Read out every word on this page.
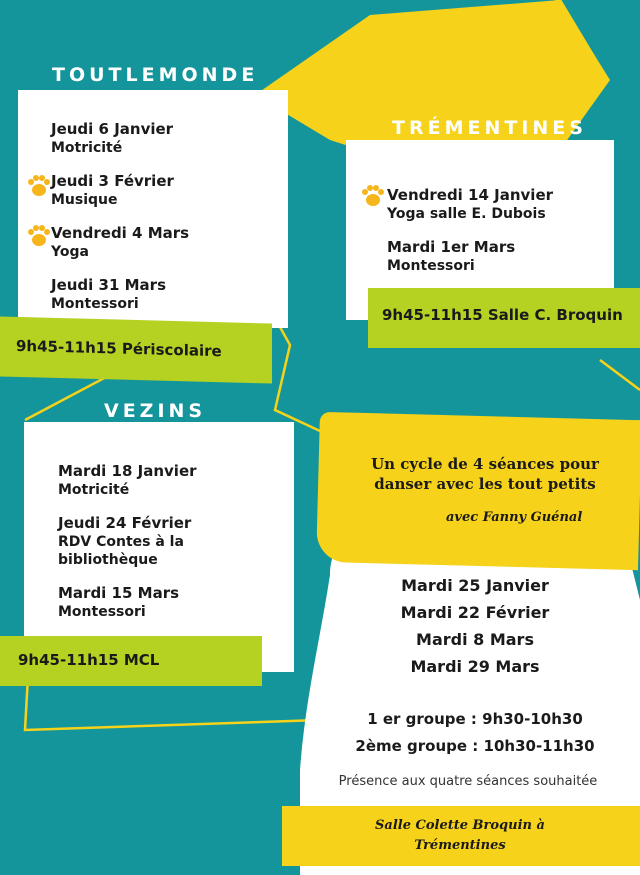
TOUTLEMONDE
Jeudi 6 Janvier
Motricité
Jeudi 3 Février
Musique
Vendredi 4 Mars
Yoga
Jeudi 31 Mars
Montessori
9h45-11h15 Périscolaire
TRÉMENTINES
Vendredi 14 Janvier
Yoga salle E. Dubois
Mardi 1er Mars
Montessori
9h45-11h15 Salle C. Broquin
VEZINS
Mardi 18 Janvier
Motricité
Jeudi 24 Février
RDV Contes à la
bibliothèque
Mardi 15 Mars
Montessori
9h45-11h15 MCL
Un cycle de 4 séances pour
danser avec les tout petits
avec Fanny Guénal
Mardi 25 Janvier
Mardi 22 Février
Mardi 8 Mars
Mardi 29 Mars
1 er groupe : 9h30-10h30
2ème groupe : 10h30-11h30
Présence aux quatre séances souhaitée
Salle Colette Broquin à
Trémentines
